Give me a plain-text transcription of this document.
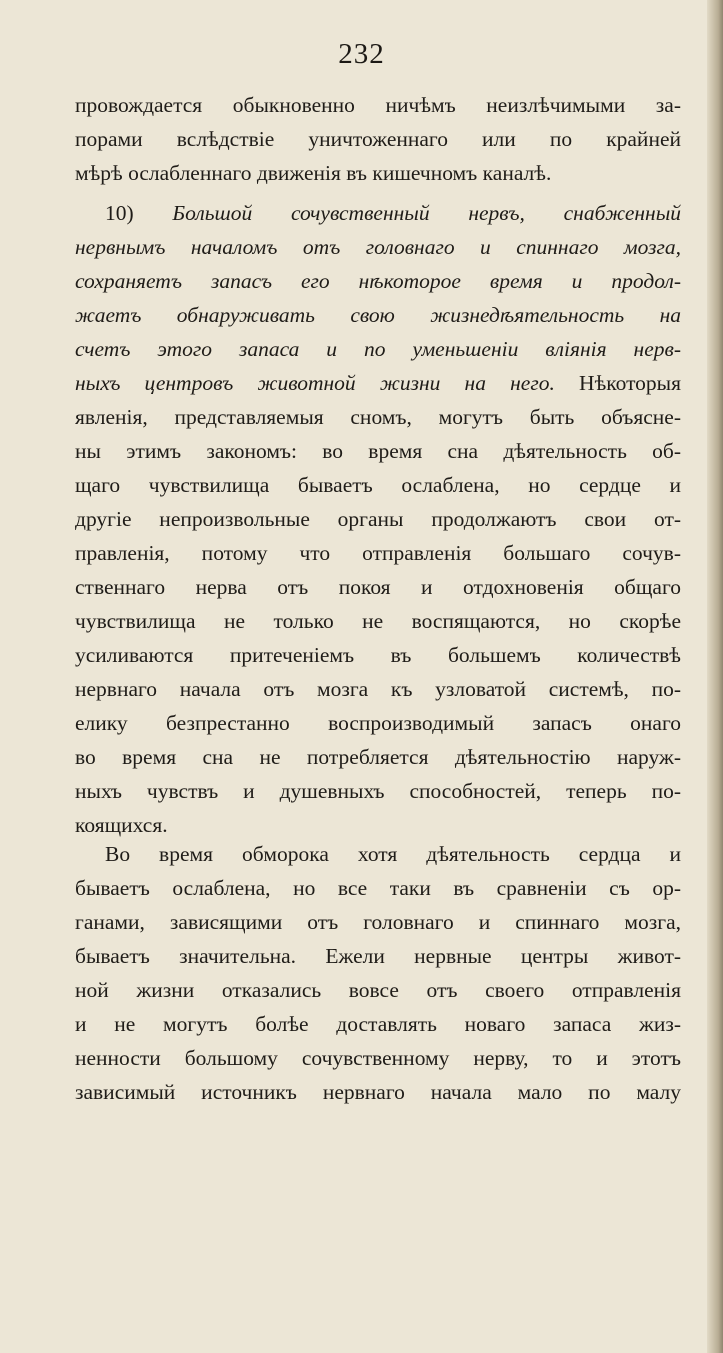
232
провождается обыкновенно ничѣмъ неизлѣчимыми за-
порами вслѣдствіе уничтоженнаго или по крайней
мѣрѣ ослабленнаго движенія въ кишечномъ каналѣ.
10) Большой сочувственный нервъ, снабженный
нервнымъ началомъ отъ головнаго и спиннаго мозга,
сохраняетъ запасъ его нѣкоторое время и продол-
жаетъ обнаруживать свою жизнедѣятельность на
счетъ этого запаса и по уменьшеніи вліянія нерв-
ныхъ центровъ животной жизни на него. Нѣкоторыя
явленія, представляемыя сномъ, могутъ быть объясне-
ны этимъ закономъ: во время сна дѣятельность об-
щаго чувствилища бываетъ ослаблена, но сердце и
другіе непроизвольные органы продолжаютъ свои от-
правленія, потому что отправленія большаго сочув-
ственнаго нерва отъ покоя и отдохновенія общаго
чувствилища не только не воспящаются, но скорѣе
усиливаются притеченіемъ въ большемъ количествѣ
нервнаго начала отъ мозга къ узловатой системѣ, по-
елику безпрестанно воспроизводимый запасъ онаго
во время сна не потребляется дѣятельностію наруж-
ныхъ чувствъ и душевныхъ способностей, теперь по-
коящихся.
Во время обморока хотя дѣятельность сердца и
бываетъ ослаблена, но все таки въ сравненіи съ ор-
ганами, зависящими отъ головнаго и спиннаго мозга,
бываетъ значительна. Ежели нервные центры живот-
ной жизни отказались вовсе отъ своего отправленія
и не могутъ болѣе доставлять новаго запаса жиз-
ненности большому сочувственному нерву, то и этотъ
зависимый источникъ нервнаго начала мало по малу
